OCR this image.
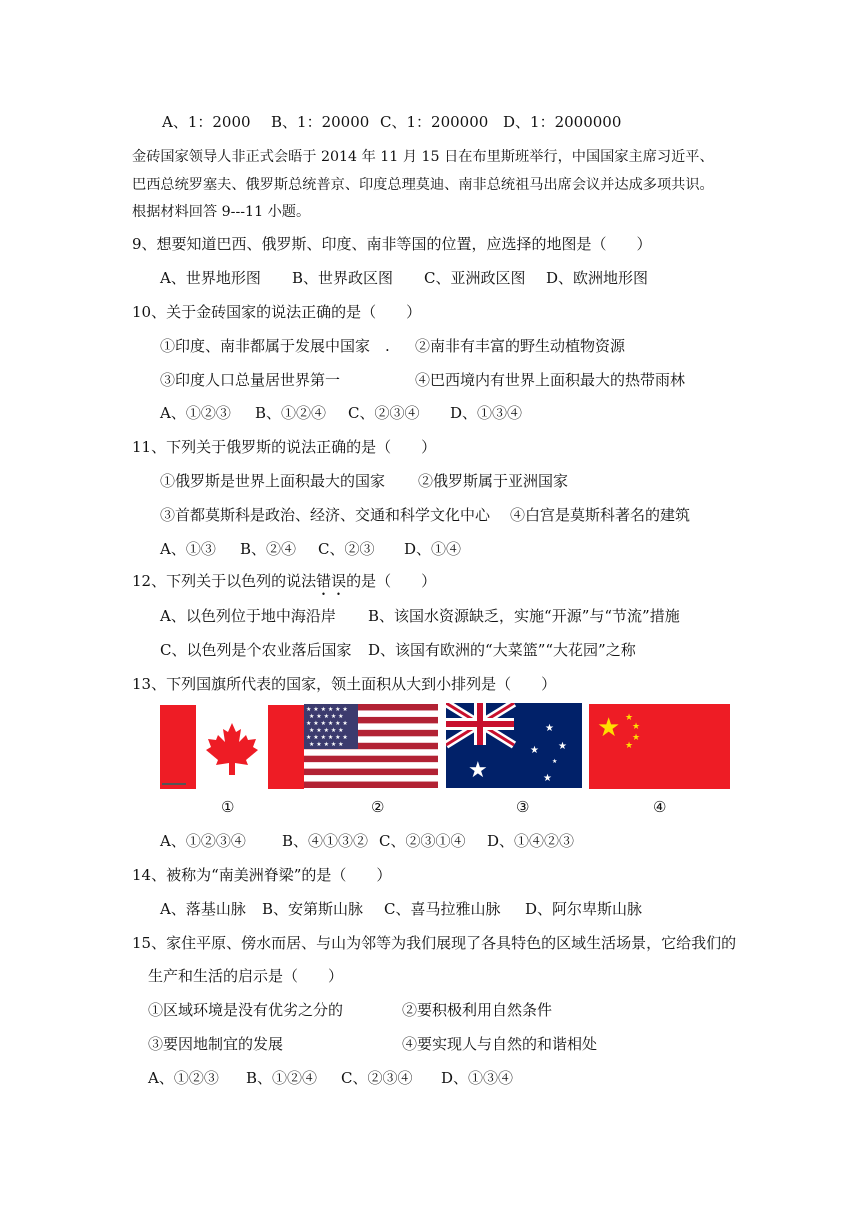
A、1：2000 B、1：20000 C、1：200000 D、1：2000000
金砖国家领导人非正式会晤于 2014 年 11 月 15 日在布里斯班举行，中国国家主席习近平、
巴西总统罗塞夫、俄罗斯总统普京、印度总理莫迪、南非总统祖马出席会议并达成多项共识。
根据材料回答 9---11 小题。
9、想要知道巴西、俄罗斯、印度、南非等国的位置，应选择的地图是（　　）
A、世界地形图 B、世界政区图 C、亚洲政区图 D、欧洲地形图
10、关于金砖国家的说法正确的是（　　）
①印度、南非都属于发展中国家　. ②南非有丰富的野生动植物资源
③印度人口总量居世界第一	④巴西境内有世界上面积最大的热带雨林
A、①②③ B、①②④ C、②③④ D、①③④
11、下列关于俄罗斯的说法正确的是（　　）
①俄罗斯是世界上面积最大的国家 ②俄罗斯属于亚洲国家
③首都莫斯科是政治、经济、交通和科学文化中心 ④白宫是莫斯科著名的建筑
A、①③ B、②④ C、②③ D、①④
12、下列关于以色列的说法错误的是（　　）
A、以色列位于地中海沿岸 B、该国水资源缺乏，实施“开源”与“节流”措施
C、以色列是个农业落后国家 D、该国有欧洲的“大菜篮”“大花园”之称
13、下列国旗所代表的国家，领土面积从大到小排列是（　　）
★ ★ ★ ★ ★ ★
★ ★ ★ ★ ★
★ ★ ★ ★ ★ ★
★ ★ ★ ★ ★
★ ★ ★ ★ ★ ★
★ ★ ★ ★ ★
★
★
★
★
★
★
★ ★
★
★
★
①	②	③	④
A、①②③④ B、④①③② C、②③①④ D、①④②③
14、被称为“南美洲脊梁”的是（　　）
A、落基山脉 B、安第斯山脉 C、喜马拉雅山脉 D、阿尔卑斯山脉
15、家住平原、傍水而居、与山为邻等为我们展现了各具特色的区域生活场景，它给我们的
生产和生活的启示是（　　）
①区域环境是没有优劣之分的	②要积极利用自然条件
③要因地制宜的发展	④要实现人与自然的和谐相处
A、①②③ B、①②④ C、②③④ D、①③④
